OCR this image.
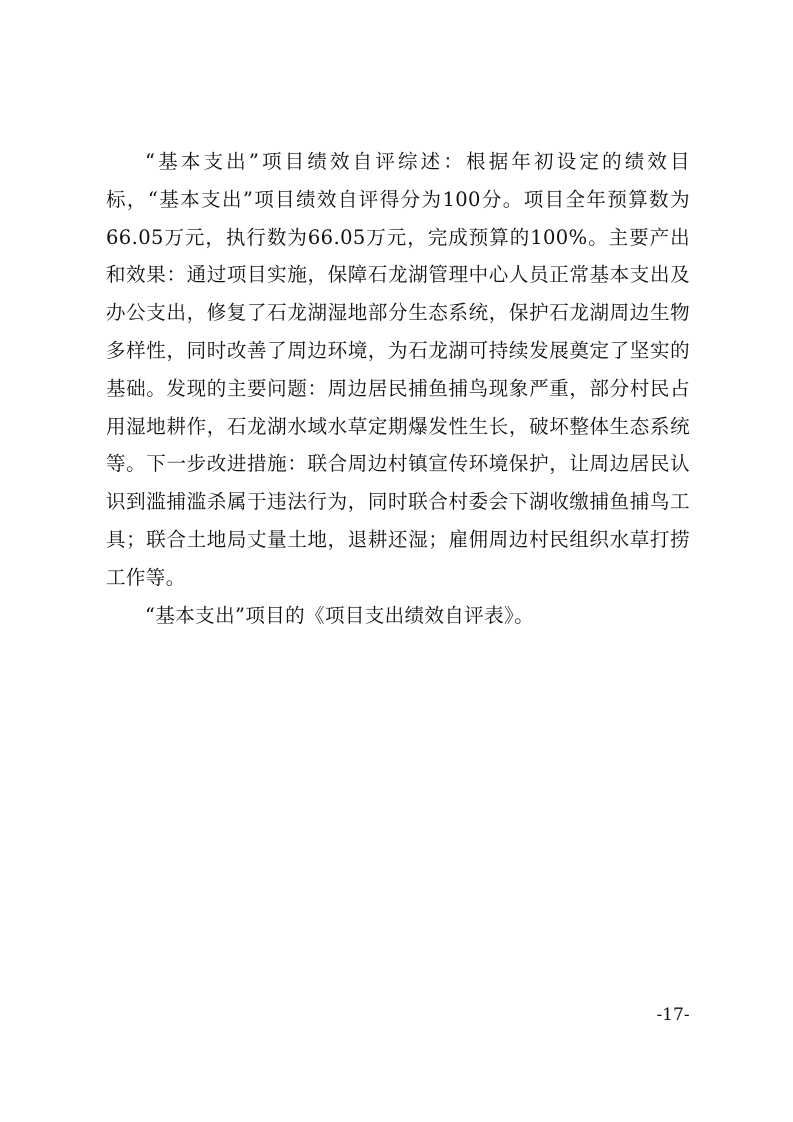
“基本支出”项目绩效自评综述：根据年初设定的绩效目标，“基本支出”项目绩效自评得分为100分。项目全年预算数为66.05万元，执行数为66.05万元，完成预算的100%。主要产出和效果：通过项目实施，保障石龙湖管理中心人员正常基本支出及办公支出，修复了石龙湖湿地部分生态系统，保护石龙湖周边生物多样性，同时改善了周边环境，为石龙湖可持续发展奠定了坚实的基础。发现的主要问题：周边居民捕鱼捕鸟现象严重，部分村民占用湿地耕作，石龙湖水域水草定期爆发性生长，破坏整体生态系统等。下一步改进措施：联合周边村镇宣传环境保护，让周边居民认识到滥捕滥杀属于违法行为，同时联合村委会下湖收缴捕鱼捕鸟工具；联合土地局丈量土地，退耕还湿；雇佣周边村民组织水草打捞工作等。

“基本支出”项目的《项目支出绩效自评表》。

-17-
